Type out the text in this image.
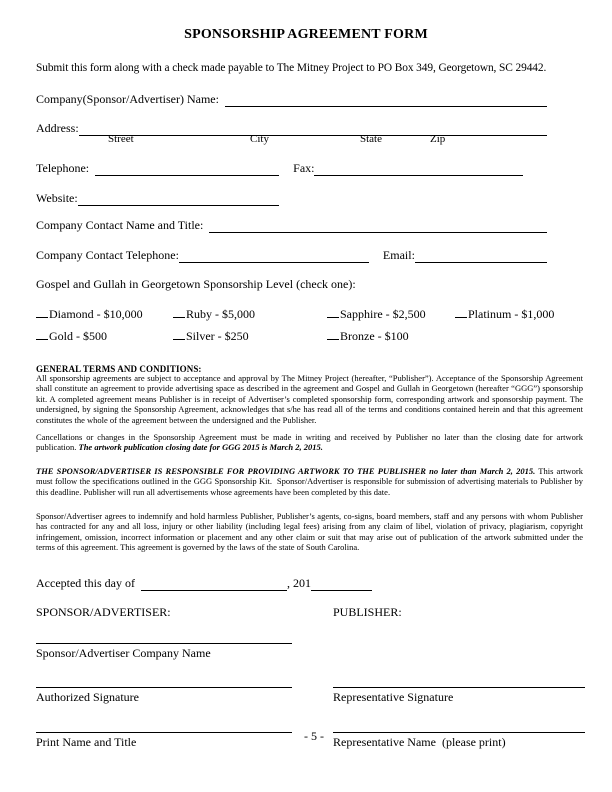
SPONSORSHIP AGREEMENT FORM
Submit this form along with a check made payable to The Mitney Project to PO Box 349, Georgetown, SC 29442.
Company(Sponsor/Advertiser) Name:
Address:
Street	City	State	Zip
Telephone:	Fax:
Website:
Company Contact Name and Title:
Company Contact Telephone:	Email:
Gospel and Gullah in Georgetown Sponsorship Level (check one):
Diamond - $10,000	Ruby - $5,000	Sapphire - $2,500	Platinum - $1,000
Gold - $500	Silver - $250	Bronze - $100
GENERAL TERMS AND CONDITIONS:
All sponsorship agreements are subject to acceptance and approval by The Mitney Project (hereafter, “Publisher”). Acceptance of the Sponsorship Agreement shall constitute an agreement to provide advertising space as described in the agreement and Gospel and Gullah in Georgetown (hereafter “GGG”) sponsorship kit. A completed agreement means Publisher is in receipt of Advertiser’s completed sponsorship form, corresponding artwork and sponsorship payment. The undersigned, by signing the Sponsorship Agreement, acknowledges that s/he has read all of the terms and conditions contained herein and that this agreement constitutes the whole of the agreement between the undersigned and the Publisher.
Cancellations or changes in the Sponsorship Agreement must be made in writing and received by Publisher no later than the closing date for artwork publication. The artwork publication closing date for GGG 2015 is March 2, 2015.
THE SPONSOR/ADVERTISER IS RESPONSIBLE FOR PROVIDING ARTWORK TO THE PUBLISHER no later than March 2, 2015. This artwork must follow the specifications outlined in the GGG Sponsorship Kit.  Sponsor/Advertiser is responsible for submission of advertising materials to Publisher by this deadline. Publisher will run all advertisements whose agreements have been completed by this date.
Sponsor/Advertiser agrees to indemnify and hold harmless Publisher, Publisher’s agents, co-signs, board members, staff and any persons with whom Publisher has contracted for any and all loss, injury or other liability (including legal fees) arising from any claim of libel, violation of privacy, plagiarism, copyright infringement, omission, incorrect information or placement and any other claim or suit that may arise out of publication of the artwork submitted under the terms of this agreement. This agreement is governed by the laws of the state of South Carolina.
Accepted this day of	, 201
SPONSOR/ADVERTISER:	PUBLISHER:
Sponsor/Advertiser Company Name
Authorized Signature	Representative Signature
Print Name and Title	Representative Name  (please print)
- 5 -
